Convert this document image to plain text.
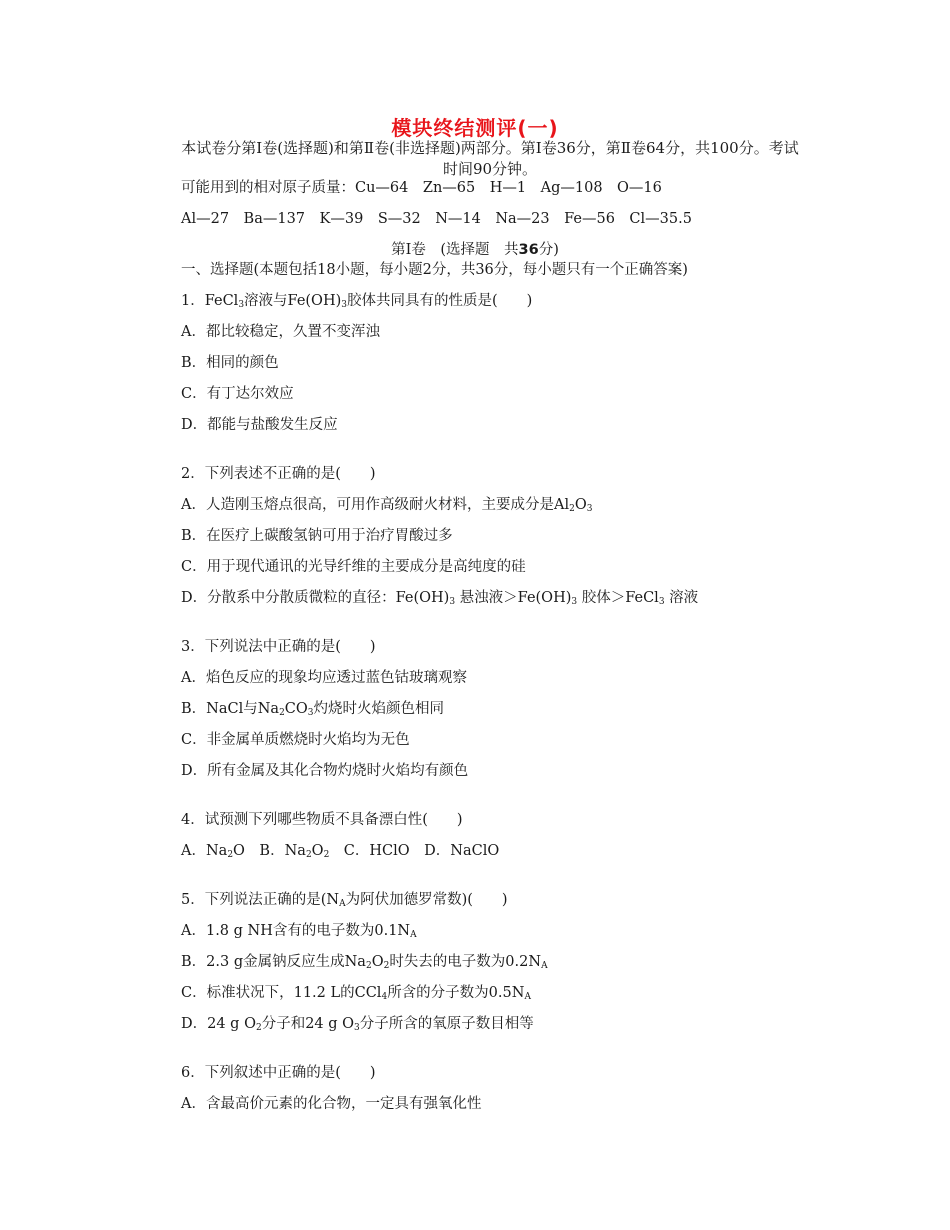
模块终结测评(一)
本试卷分第Ⅰ卷(选择题)和第Ⅱ卷(非选择题)两部分。第Ⅰ卷36分，第Ⅱ卷64分，共100分。考试时间90分钟。
可能用到的相对原子质量：Cu—64　Zn—65　H—1　Ag—108　O—16
Al—27　Ba—137　K—39　S—32　N—14　Na—23　Fe—56　Cl—35.5
第Ⅰ卷　(选择题　共36分)
一、选择题(本题包括18小题，每小题2分，共36分，每小题只有一个正确答案)
1．FeCl$_3$溶液与$Fe(OH)_3$胶体共同具有的性质是(　　)
A．都比较稳定，久置不变浑浊
B．相同的颜色
C．有丁达尔效应
D．都能与盐酸发生反应
2．下列表述不正确的是(　　)
A．人造刚玉熔点很高，可用作高级耐火材料，主要成分是$Al_2O_3$
B．在医疗上碳酸氢钠可用于治疗胃酸过多
C．用于现代通讯的光导纤维的主要成分是高纯度的硅
D．分散系中分散质微粒的直径：$Fe(OH)_3$ 悬浊液$>Fe(OH)_3$ 胶体＞FeCl$_3$ 溶液
3．下列说法中正确的是(　　)
A．焰色反应的现象均应透过蓝色钴玻璃观察
B．NaCl与$Na_2CO_3$灼烧时火焰颜色相同
C．非金属单质燃烧时火焰均为无色
D．所有金属及其化合物灼烧时火焰均有颜色
4．试预测下列哪些物质不具备漂白性(　　)
A．$Na_2O$　B．$Na_2O_2$　C．HClO　D．NaClO
5．下列说法正确的是($N_A$为阿伏加德罗常数)(　　)
A．1.8 g NH含有的电子数为$0.1N_A$
B．2.3 g金属钠反应生成$Na_2O_2$时失去的电子数为$0.2N_A$
C．标准状况下，11.2 L的CCl$_4$所含的分子数为$0.5N_A$
D．24 g $O_2$分子和24 g $O_3$分子所含的氧原子数目相等
6．下列叙述中正确的是(　　)
A．含最高价元素的化合物，一定具有强氧化性
